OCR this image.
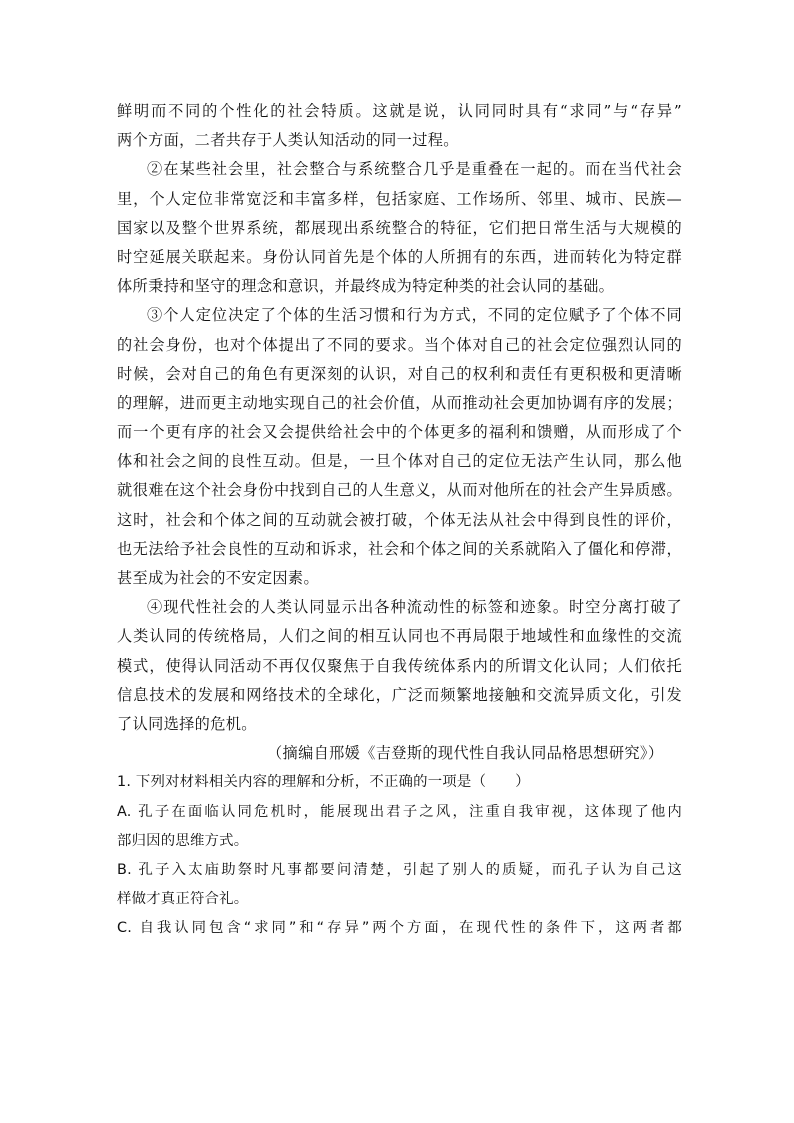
鲜明而不同的个性化的社会特质。这就是说，认同同时具有“求同”与“存异”
两个方面，二者共存于人类认知活动的同一过程。
②在某些社会里，社会整合与系统整合几乎是重叠在一起的。而在当代社会
里，个人定位非常宽泛和丰富多样，包括家庭、工作场所、邻里、城市、民族—
国家以及整个世界系统，都展现出系统整合的特征，它们把日常生活与大规模的
时空延展关联起来。身份认同首先是个体的人所拥有的东西，进而转化为特定群
体所秉持和坚守的理念和意识，并最终成为特定种类的社会认同的基础。
③个人定位决定了个体的生活习惯和行为方式，不同的定位赋予了个体不同
的社会身份，也对个体提出了不同的要求。当个体对自己的社会定位强烈认同的
时候，会对自己的角色有更深刻的认识，对自己的权利和责任有更积极和更清晰
的理解，进而更主动地实现自己的社会价值，从而推动社会更加协调有序的发展；
而一个更有序的社会又会提供给社会中的个体更多的福利和馈赠，从而形成了个
体和社会之间的良性互动。但是，一旦个体对自己的定位无法产生认同，那么他
就很难在这个社会身份中找到自己的人生意义，从而对他所在的社会产生异质感。
这时，社会和个体之间的互动就会被打破，个体无法从社会中得到良性的评价，
也无法给予社会良性的互动和诉求，社会和个体之间的关系就陷入了僵化和停滞，
甚至成为社会的不安定因素。
④现代性社会的人类认同显示出各种流动性的标签和迹象。时空分离打破了
人类认同的传统格局，人们之间的相互认同也不再局限于地域性和血缘性的交流
模式，使得认同活动不再仅仅聚焦于自我传统体系内的所谓文化认同；人们依托
信息技术的发展和网络技术的全球化，广泛而频繁地接触和交流异质文化，引发
了认同选择的危机。
（摘编自邢媛《吉登斯的现代性自我认同品格思想研究》）
1. 下列对材料相关内容的理解和分析，不正确的一项是（　　）
A. 孔子在面临认同危机时，能展现出君子之风，注重自我审视，这体现了他内
部归因的思维方式。
B. 孔子入太庙助祭时凡事都要问清楚，引起了别人的质疑，而孔子认为自己这
样做才真正符合礼。
C. 自我认同包含“求同”和“存异”两个方面，在现代性的条件下，这两者都
